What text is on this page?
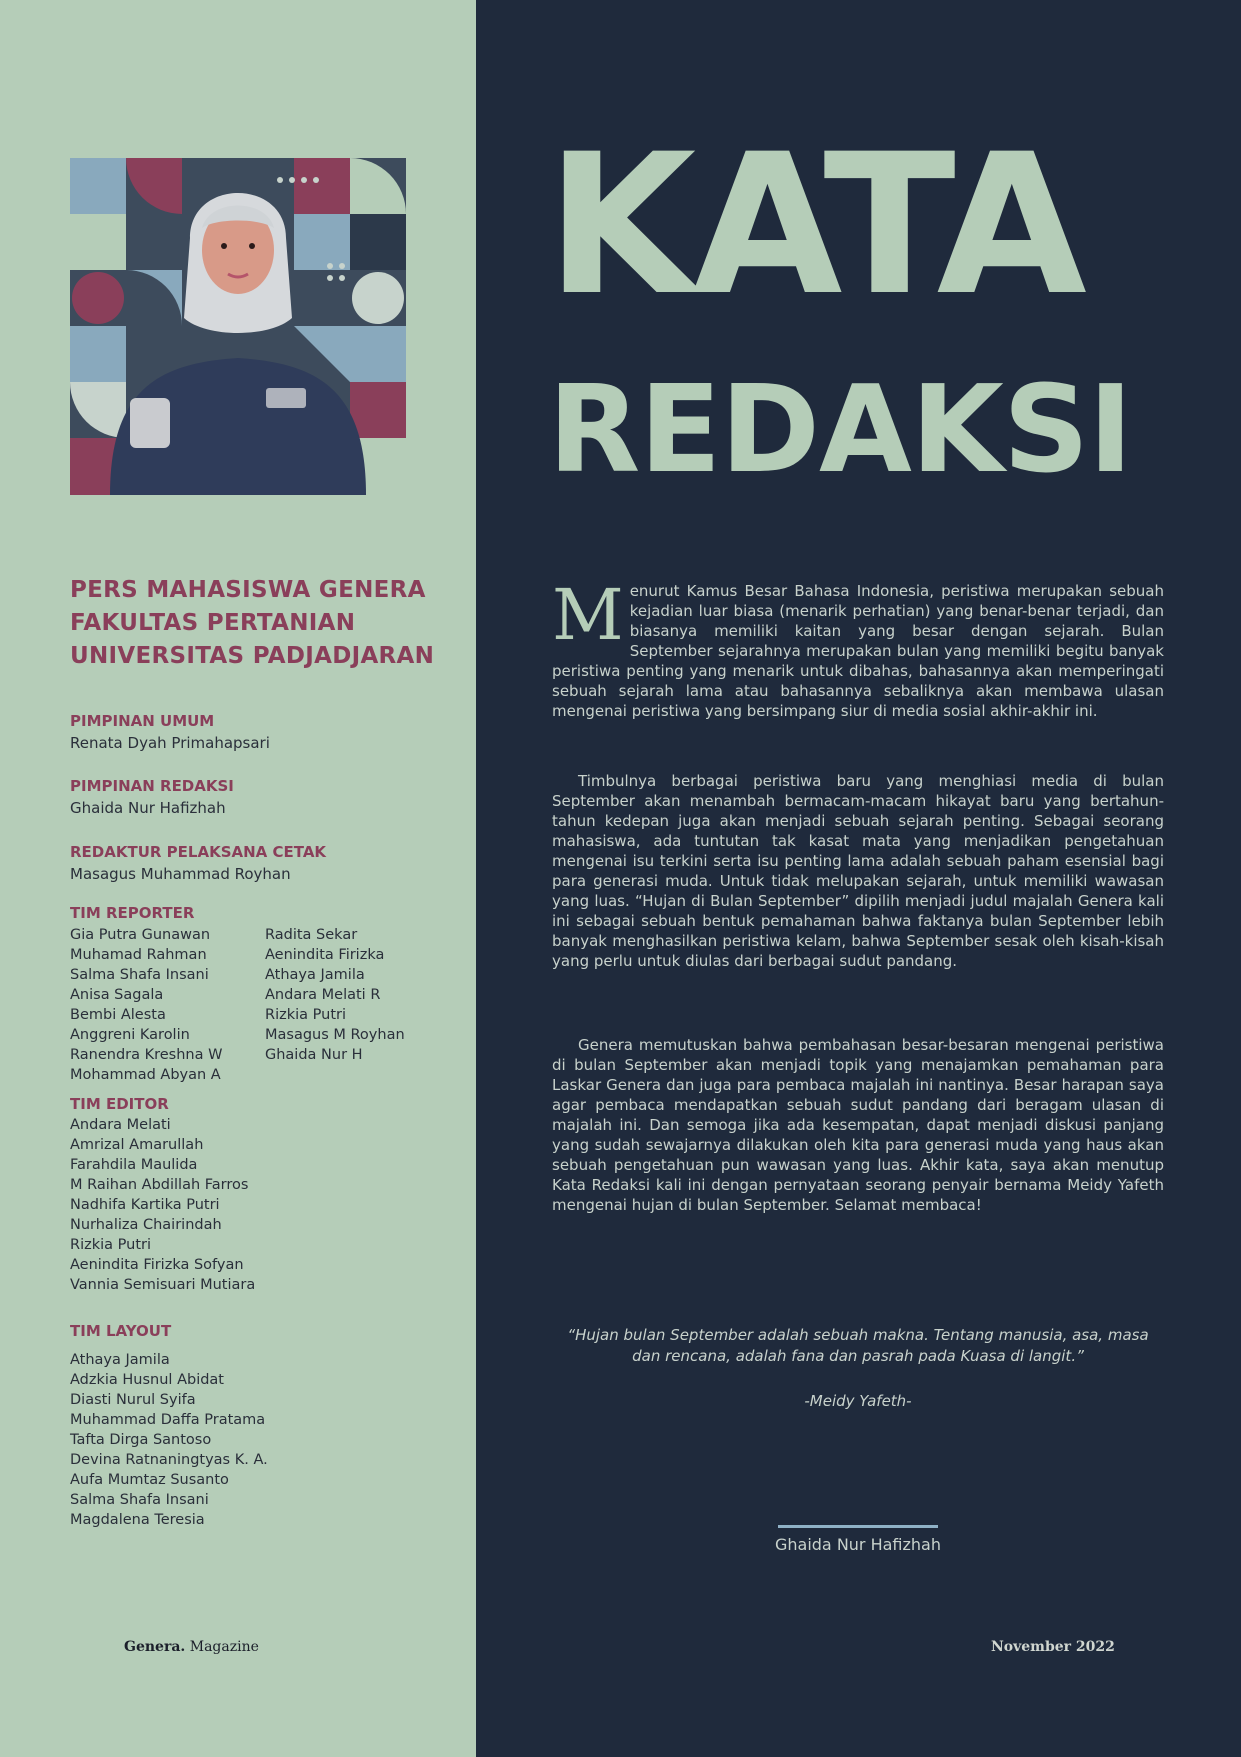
PERS MAHASISWA GENERA
FAKULTAS PERTANIAN
UNIVERSITAS PADJADJARAN

PIMPINAN UMUM

Renata Dyah Primahapsari

PIMPINAN REDAKSI

Ghaida Nur Hafizhah

REDAKTUR PELAKSANA CETAK

Masagus Muhammad Royhan

TIM REPORTER

Gia Putra Gunawan
Muhamad Rahman
Salma Shafa Insani
Anisa Sagala
Bembi Alesta
Anggreni Karolin
Ranendra Kreshna W
Mohammad Abyan A
Radita Sekar
Aenindita Firizka
Athaya Jamila
Andara Melati R
Rizkia Putri
Masagus M Royhan
Ghaida Nur H

TIM EDITOR

Andara Melati
Amrizal Amarullah
Farahdila Maulida
M Raihan Abdillah Farros
Nadhifa Kartika Putri
Nurhaliza Chairindah
Rizkia Putri
Aenindita Firizka Sofyan
Vannia Semisuari Mutiara

TIM LAYOUT

Athaya Jamila
Adzkia Husnul Abidat
Diasti Nurul Syifa
Muhammad Daffa Pratama
Tafta Dirga Santoso
Devina Ratnaningtyas K. A.
Aufa Mumtaz Susanto
Salma Shafa Insani
Magdalena Teresia
Genera. Magazine
KATA
REDAKSI

Menurut Kamus Besar Bahasa Indonesia, peristiwa merupakan sebuah kejadian luar biasa (menarik perhatian) yang benar-benar terjadi, dan biasanya memiliki kaitan yang besar dengan sejarah. Bulan September sejarahnya merupakan bulan yang memiliki begitu banyak peristiwa penting yang menarik untuk dibahas, bahasannya akan memperingati sebuah sejarah lama atau bahasannya sebaliknya akan membawa ulasan mengenai peristiwa yang bersimpang siur di media sosial akhir-akhir ini.

Timbulnya berbagai peristiwa baru yang menghiasi media di bulan September akan menambah bermacam-macam hikayat baru yang bertahun-tahun kedepan juga akan menjadi sebuah sejarah penting. Sebagai seorang mahasiswa, ada tuntutan tak kasat mata yang menjadikan pengetahuan mengenai isu terkini serta isu penting lama adalah sebuah paham esensial bagi para generasi muda. Untuk tidak melupakan sejarah, untuk memiliki wawasan yang luas. “Hujan di Bulan September” dipilih menjadi judul majalah Genera kali ini sebagai sebuah bentuk pemahaman bahwa faktanya bulan September lebih banyak menghasilkan peristiwa kelam, bahwa September sesak oleh kisah-kisah yang perlu untuk diulas dari berbagai sudut pandang.

Genera memutuskan bahwa pembahasan besar-besaran mengenai peristiwa di bulan September akan menjadi topik yang menajamkan pemahaman para Laskar Genera dan juga para pembaca majalah ini nantinya. Besar harapan saya agar pembaca mendapatkan sebuah sudut pandang dari beragam ulasan di majalah ini. Dan semoga jika ada kesempatan, dapat menjadi diskusi panjang yang sudah sewajarnya dilakukan oleh kita para generasi muda yang haus akan sebuah pengetahuan pun wawasan yang luas. Akhir kata, saya akan menutup Kata Redaksi kali ini dengan pernyataan seorang penyair bernama Meidy Yafeth mengenai hujan di bulan September. Selamat membaca!

“Hujan bulan September adalah sebuah makna. Tentang manusia, asa, masa dan rencana, adalah fana dan pasrah pada Kuasa di langit.”

-Meidy Yafeth-

Ghaida Nur Hafizhah

November 2022
